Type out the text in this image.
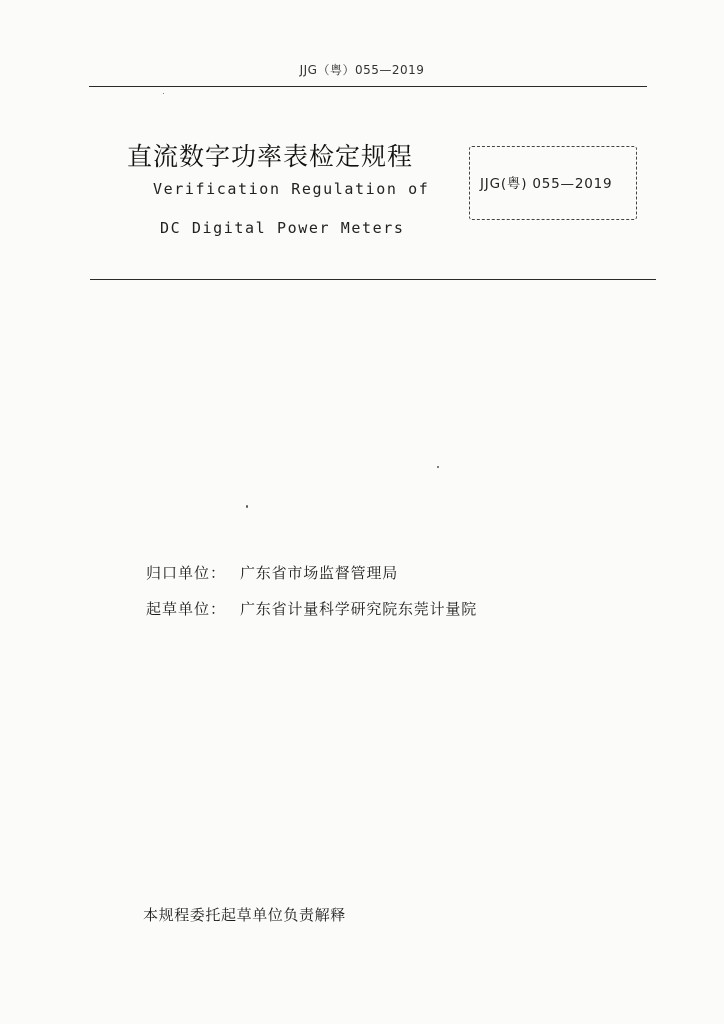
JJG（粤）055—2019
直流数字功率表检定规程
Verification Regulation of
DC Digital Power Meters
JJG(粤) 055—2019
归口单位： 广东省市场监督管理局
起草单位： 广东省计量科学研究院东莞计量院
本规程委托起草单位负责解释
